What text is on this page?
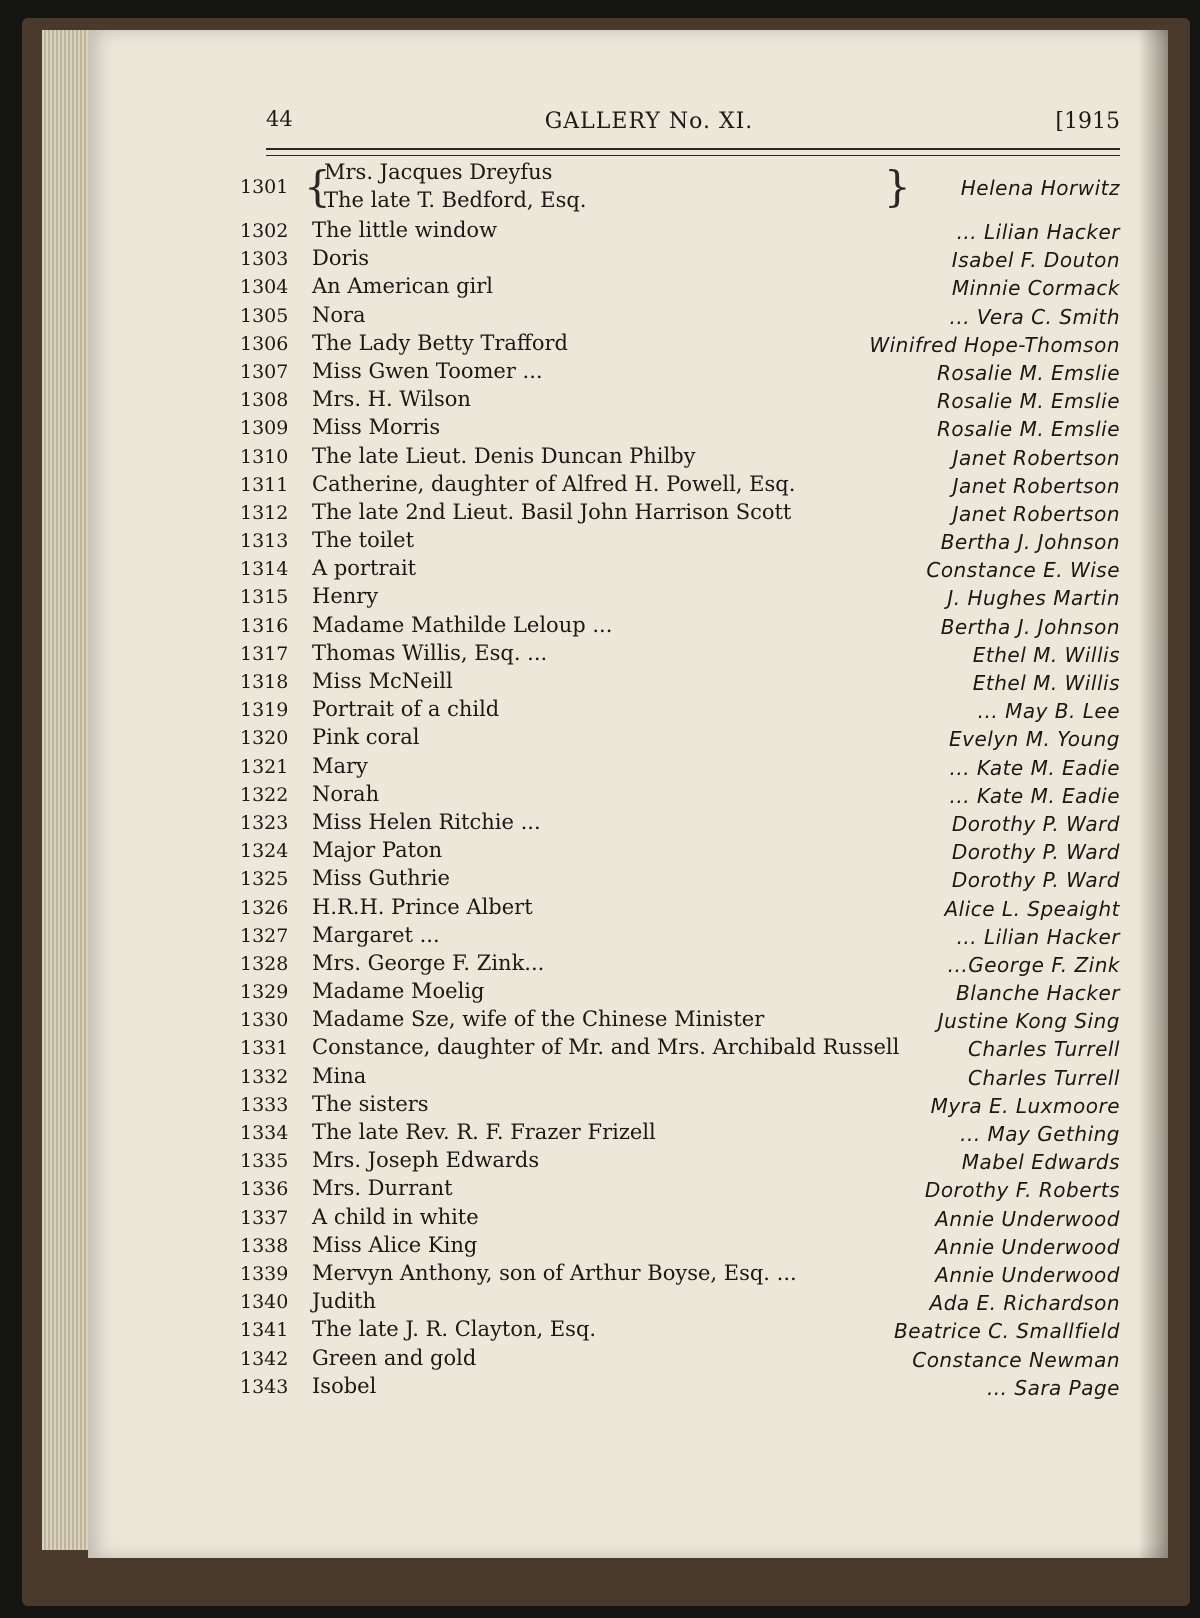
44	GALLERY No. XI.	[1915
1301 {
Mrs. Jacques Dreyfus
The late T. Bedford, Esq.	}	Helena Horwitz
1302 The little window	... Lilian Hacker
1303 Doris	Isabel F. Douton
1304 An American girl	Minnie Cormack
1305 Nora	... Vera C. Smith
1306 The Lady Betty Trafford	Winifred Hope-Thomson
1307 Miss Gwen Toomer ...	Rosalie M. Emslie
1308 Mrs. H. Wilson	Rosalie M. Emslie
1309 Miss Morris	Rosalie M. Emslie
1310 The late Lieut. Denis Duncan Philby	Janet Robertson
1311 Catherine, daughter of Alfred H. Powell, Esq.	Janet Robertson
1312 The late 2nd Lieut. Basil John Harrison Scott	Janet Robertson
1313 The toilet	Bertha J. Johnson
1314 A portrait	Constance E. Wise
1315 Henry	J. Hughes Martin
1316 Madame Mathilde Leloup ...	Bertha J. Johnson
1317 Thomas Willis, Esq. ...	Ethel M. Willis
1318 Miss McNeill	Ethel M. Willis
1319 Portrait of a child	... May B. Lee
1320 Pink coral	Evelyn M. Young
1321 Mary	... Kate M. Eadie
1322 Norah	... Kate M. Eadie
1323 Miss Helen Ritchie ...	Dorothy P. Ward
1324 Major Paton	Dorothy P. Ward
1325 Miss Guthrie	Dorothy P. Ward
1326 H.R.H. Prince Albert	Alice L. Speaight
1327 Margaret ...	... Lilian Hacker
1328 Mrs. George F. Zink...	...George F. Zink
1329 Madame Moelig	Blanche Hacker
1330 Madame Sze, wife of the Chinese Minister	Justine Kong Sing
1331 Constance, daughter of Mr. and Mrs. Archibald Russell	Charles Turrell
1332 Mina	Charles Turrell
1333 The sisters	Myra E. Luxmoore
1334 The late Rev. R. F. Frazer Frizell	... May Gething
1335 Mrs. Joseph Edwards	Mabel Edwards
1336 Mrs. Durrant	Dorothy F. Roberts
1337 A child in white	Annie Underwood
1338 Miss Alice King	Annie Underwood
1339 Mervyn Anthony, son of Arthur Boyse, Esq. ...	Annie Underwood
1340 Judith	Ada E. Richardson
1341 The late J. R. Clayton, Esq.	Beatrice C. Smallfield
1342 Green and gold	Constance Newman
1343 Isobel	... Sara Page
